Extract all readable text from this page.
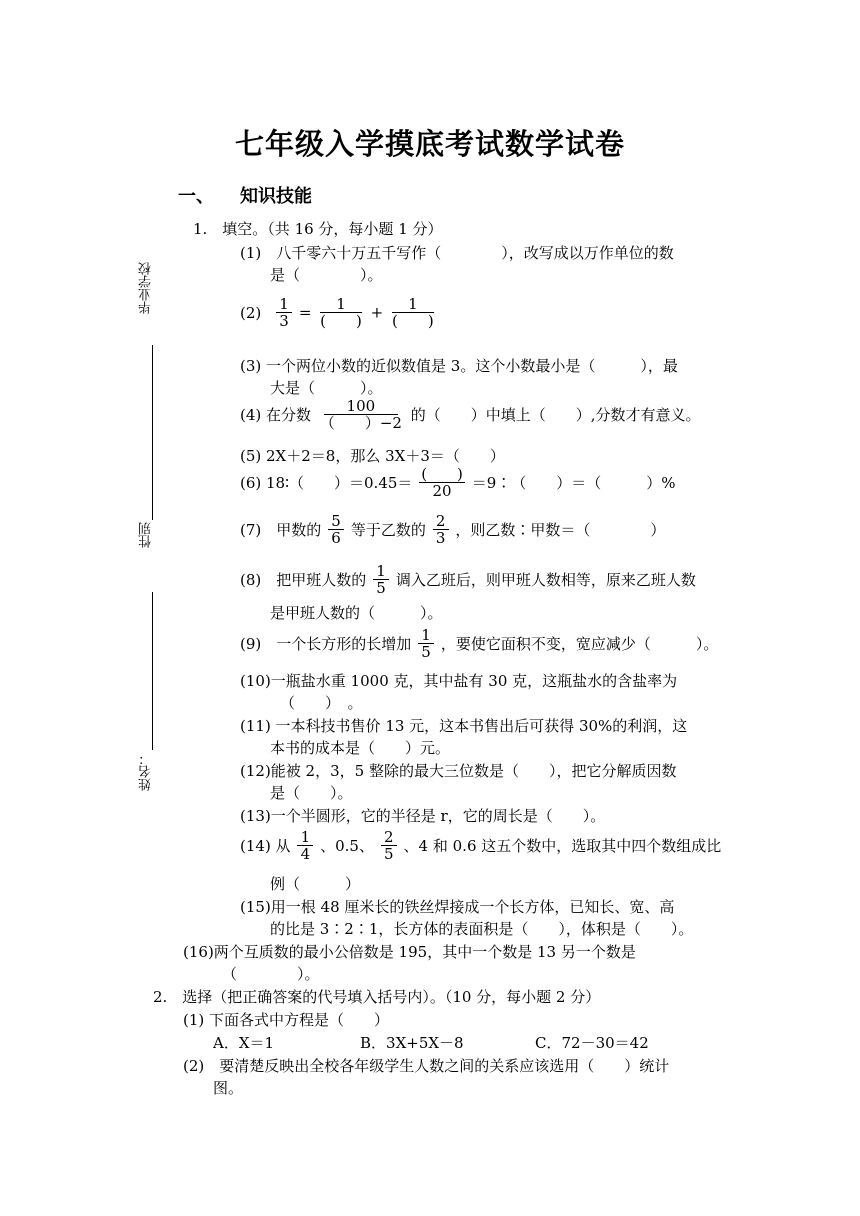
毕业学校
性别
姓名：
七年级入学摸底考试数学试卷
一、 知识技能
1.　填空。（共 16 分，每小题 1 分）
(1)　八千零六十万五千写作（　　　　），改写成以万作单位的数
是（　　　　）。
$(2) \frac{1}{3} = \frac{1}{( )} + \frac{1}{( )}$
(3) 一个两位小数的近似数值是 3。这个小数最小是（　　　），最
大是（　　　）。
(4) 在分数 $\frac{100}{( )-2}$ 的（　　）中填上（　　）,分数才有意义。
(5) 2X＋2＝8，那么 3X＋3＝（　　）
(6) 18∶（　　）$=0.45= \frac{( )}{20}$ ＝9∶（　　）＝（　　　）%
(7)　甲数的 $\frac{5}{6}$ 等于乙数的 $\frac{2}{3}$ ，则乙数∶甲数＝（　　　　）
(8)　把甲班人数的 $\frac{1}{5}$ 调入乙班后，则甲班人数相等，原来乙班人数
是甲班人数的（　　　）。
(9)　一个长方形的长增加 $\frac{1}{5}$ ，要使它面积不变，宽应减少（　　　）。
(10)一瓶盐水重 1000 克，其中盐有 30 克，这瓶盐水的含盐率为
（　　）　。
(11) 一本科技书售价 13 元，这本书售出后可获得 30%的利润，这
本书的成本是（　　）元。
(12)能被 2，3，5 整除的最大三位数是（　　），把它分解质因数
是（　　）。
(13)一个半圆形，它的半径是 r，它的周长是（　　）。
(14) 从 $\frac{1}{4}$ 、0.5、 $\frac{2}{5}$ 、4 和 0.6 这五个数中，选取其中四个数组成比
例（　　　）
(15)用一根 48 厘米长的铁丝焊接成一个长方体，已知长、宽、高
的比是 3∶2∶1，长方体的表面积是（　　），体积是（　　）。
(16)两个互质数的最小公倍数是 195，其中一个数是 13 另一个数是
（　　　　）。
2.　选择（把正确答案的代号填入括号内）。（10 分，每小题 2 分）
(1) 下面各式中方程是（　　）
A．X＝1	B．3X+5X－8	C．72－30＝42
(2)　要清楚反映出全校各年级学生人数之间的关系应该选用（　　）统计
图。
